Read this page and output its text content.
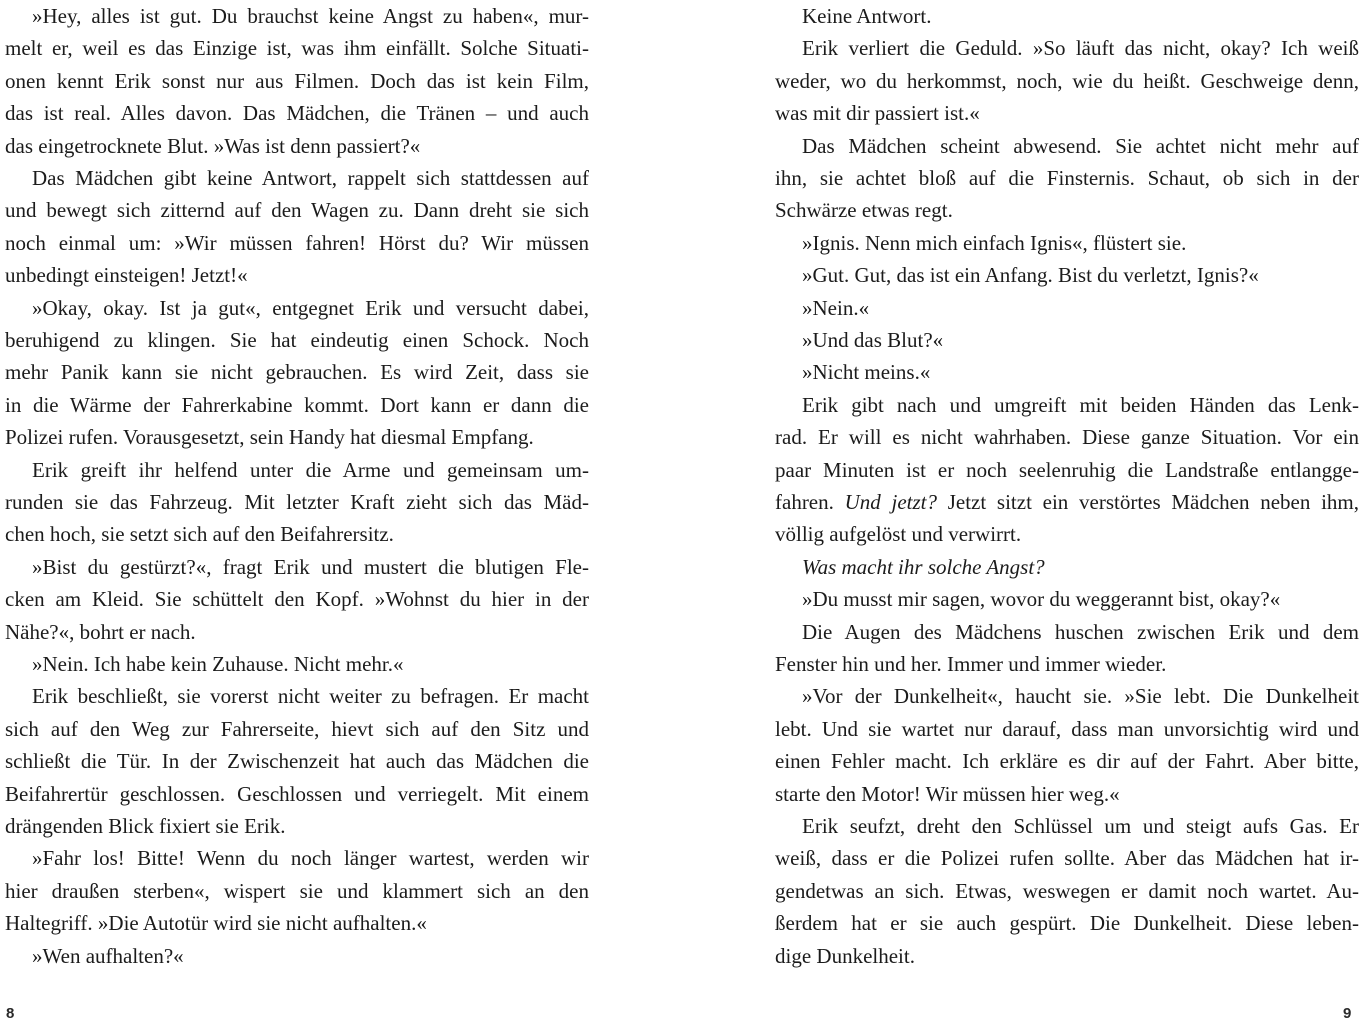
»Hey, alles ist gut. Du brauchst keine Angst zu haben«, mur-
melt er, weil es das Einzige ist, was ihm einfällt. Solche Situati-
onen kennt Erik sonst nur aus Filmen. Doch das ist kein Film,
das ist real. Alles davon. Das Mädchen, die Tränen – und auch
das eingetrocknete Blut. »Was ist denn passiert?«
Das Mädchen gibt keine Antwort, rappelt sich stattdessen auf
und bewegt sich zitternd auf den Wagen zu. Dann dreht sie sich
noch einmal um: »Wir müssen fahren! Hörst du? Wir müssen
unbedingt einsteigen! Jetzt!«
»Okay, okay. Ist ja gut«, entgegnet Erik und versucht dabei,
beruhigend zu klingen. Sie hat eindeutig einen Schock. Noch
mehr Panik kann sie nicht gebrauchen. Es wird Zeit, dass sie
in die Wärme der Fahrerkabine kommt. Dort kann er dann die
Polizei rufen. Vorausgesetzt, sein Handy hat diesmal Empfang.
Erik greift ihr helfend unter die Arme und gemeinsam um-
runden sie das Fahrzeug. Mit letzter Kraft zieht sich das Mäd-
chen hoch, sie setzt sich auf den Beifahrersitz.
»Bist du gestürzt?«, fragt Erik und mustert die blutigen Fle-
cken am Kleid. Sie schüttelt den Kopf. »Wohnst du hier in der
Nähe?«, bohrt er nach.
»Nein. Ich habe kein Zuhause. Nicht mehr.«
Erik beschließt, sie vorerst nicht weiter zu befragen. Er macht
sich auf den Weg zur Fahrerseite, hievt sich auf den Sitz und
schließt die Tür. In der Zwischenzeit hat auch das Mädchen die
Beifahrertür geschlossen. Geschlossen und verriegelt. Mit einem
drängenden Blick fixiert sie Erik.
»Fahr los! Bitte! Wenn du noch länger wartest, werden wir
hier draußen sterben«, wispert sie und klammert sich an den
Haltegriff. »Die Autotür wird sie nicht aufhalten.«
»Wen aufhalten?«
8
Keine Antwort.
Erik verliert die Geduld. »So läuft das nicht, okay? Ich weiß
weder, wo du herkommst, noch, wie du heißt. Geschweige denn,
was mit dir passiert ist.«
Das Mädchen scheint abwesend. Sie achtet nicht mehr auf
ihn, sie achtet bloß auf die Finsternis. Schaut, ob sich in der
Schwärze etwas regt.
»Ignis. Nenn mich einfach Ignis«, flüstert sie.
»Gut. Gut, das ist ein Anfang. Bist du verletzt, Ignis?«
»Nein.«
»Und das Blut?«
»Nicht meins.«
Erik gibt nach und umgreift mit beiden Händen das Lenk-
rad. Er will es nicht wahrhaben. Diese ganze Situation. Vor ein
paar Minuten ist er noch seelenruhig die Landstraße entlangge-
fahren. Und jetzt? Jetzt sitzt ein verstörtes Mädchen neben ihm,
völlig aufgelöst und verwirrt.
Was macht ihr solche Angst?
»Du musst mir sagen, wovor du weggerannt bist, okay?«
Die Augen des Mädchens huschen zwischen Erik und dem
Fenster hin und her. Immer und immer wieder.
»Vor der Dunkelheit«, haucht sie. »Sie lebt. Die Dunkelheit
lebt. Und sie wartet nur darauf, dass man unvorsichtig wird und
einen Fehler macht. Ich erkläre es dir auf der Fahrt. Aber bitte,
starte den Motor! Wir müssen hier weg.«
Erik seufzt, dreht den Schlüssel um und steigt aufs Gas. Er
weiß, dass er die Polizei rufen sollte. Aber das Mädchen hat ir-
gendetwas an sich. Etwas, weswegen er damit noch wartet. Au-
ßerdem hat er sie auch gespürt. Die Dunkelheit. Diese leben-
dige Dunkelheit.
9
